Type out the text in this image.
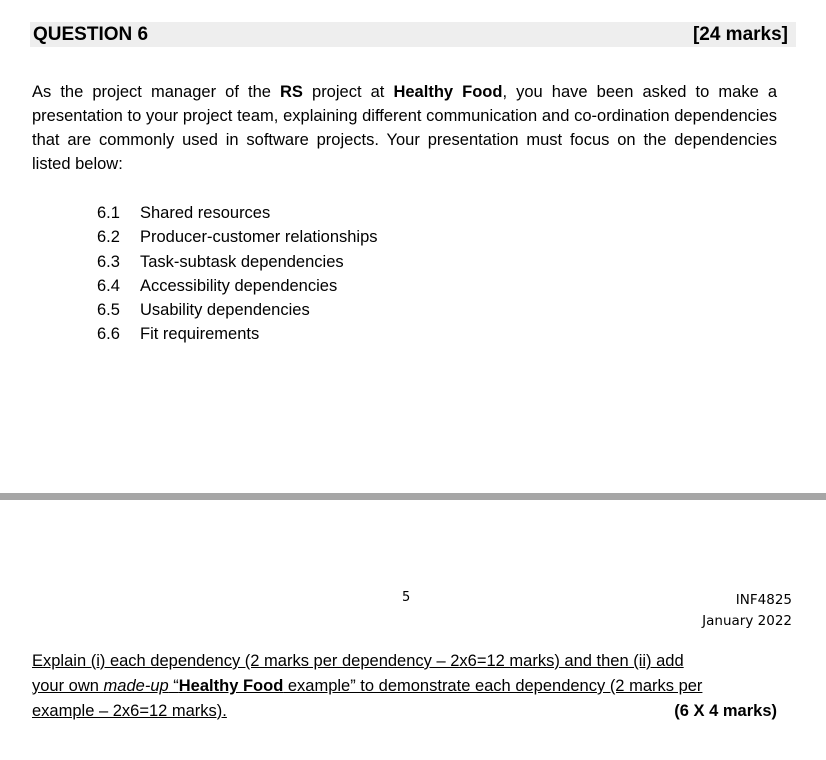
QUESTION 6	[24 marks]
As the project manager of the RS project at Healthy Food, you have been asked to make a presentation to your project team, explaining different communication and co-ordination dependencies that are commonly used in software projects. Your presentation must focus on the dependencies listed below:
6.1	Shared resources
6.2	Producer-customer relationships
6.3	Task-subtask dependencies
6.4	Accessibility dependencies
6.5	Usability dependencies
6.6	Fit requirements
5	INF4825
January 2022
Explain (i) each dependency (2 marks per dependency – 2x6=12 marks) and then (ii) add
your own made-up “Healthy Food example” to demonstrate each dependency (2 marks per
example – 2x6=12 marks).	(6 X 4 marks)
